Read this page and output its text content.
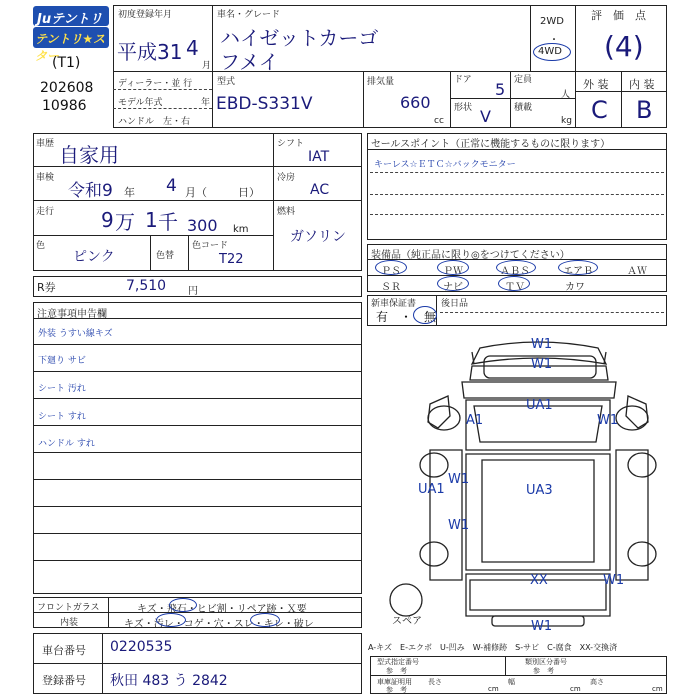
Juテントリ
テントリ★スター
(T1)
202608
10986
初度登録年月
平成31 4
月
車名・グレード
ハイゼットカーゴ
フメイ
2WD
・
4WD
評　価　点
(4)
ディーラー・並 行
モデル年式	年
ハンドル　左・右
型式
EBD-S331V
排気量
660
cc
ドア 5
形状 V
定員
人
積載
kg
外 装
C
内 装
B
車歴 自家用	シフト
IAT
車検
令和9 年 4 月（	日）
冷房
AC
走行 9 万 1 千 300 km
燃料
ガソリン
色
ピンク	色替
色コード
T22
R券	7,510 円
セールスポイント（正常に機能するものに限ります）
キーレス☆ＥＴＣ☆バックモニター
装備品（純正品に限り◎をつけてください）
ＰＳ	ＰＷ	ＡＢＳ	エアＢ	ＡＷ
ＳＲ	ナビ	ＴＶ	カワ
新車保証書
有　・　無
後日品
注意事項申告欄
外装 うすい線キズ
下廻り サビ
シート 汚れ
シート すれ
ハンドル すれ
W1
W1
UA1
A1	W1
W1
UA3
UA1
W1
XX	W1
W1
スペア
フロントガラス	キズ・飛石・ヒビ割・リペア跡・Ｘ要
内装	キズ・汚レ・コゲ・穴・スレ・キレ・破レ
車台番号 0220535
登録番号 秋田 483 う 2842
A-キズ　E-エクボ　U-凹み　W-補修跡　S-サビ　C-腐食　XX-交換済
型式指定番号
参　考
類別区分番号
参　考
車庫証明用
参　考
長さ
cm
幅
cm
高さ
cm
